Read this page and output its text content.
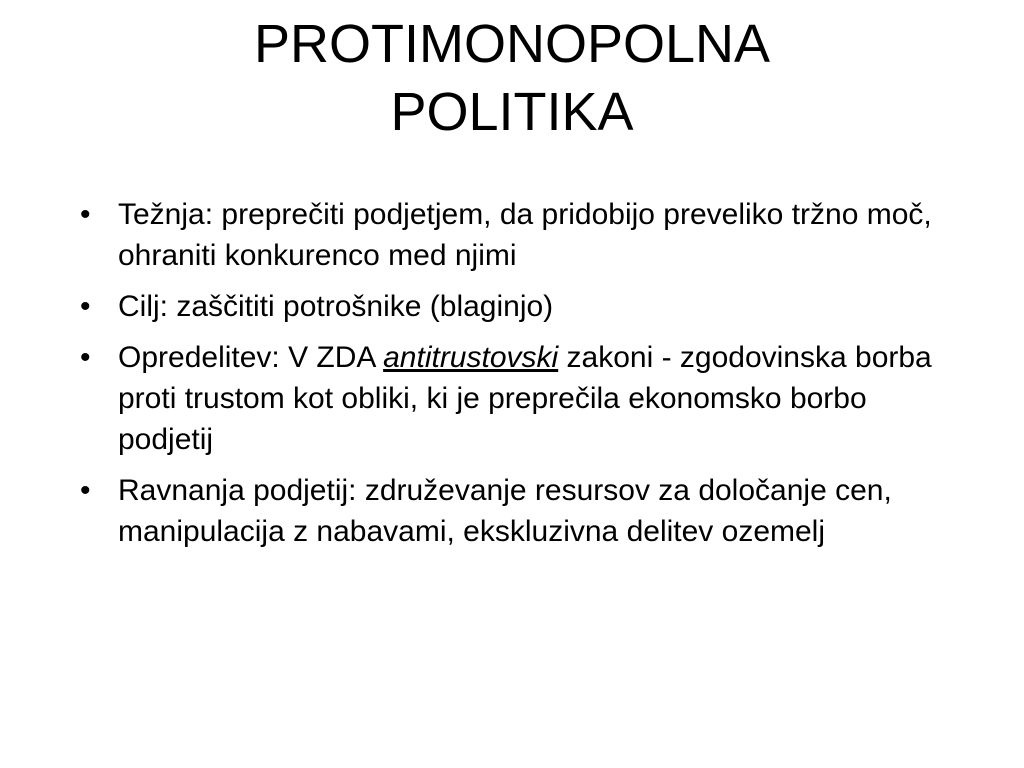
PROTIMONOPOLNA
POLITIKA
• Težnja: preprečiti podjetjem, da pridobijo preveliko tržno moč, ohraniti konkurenco med njimi
• Cilj: zaščititi potrošnike (blaginjo)
• Opredelitev: V ZDA antitrustovski zakoni - zgodovinska borba proti trustom kot obliki, ki je preprečila ekonomsko borbo podjetij
• Ravnanja podjetij: združevanje resursov za določanje cen, manipulacija z nabavami, ekskluzivna delitev ozemelj
